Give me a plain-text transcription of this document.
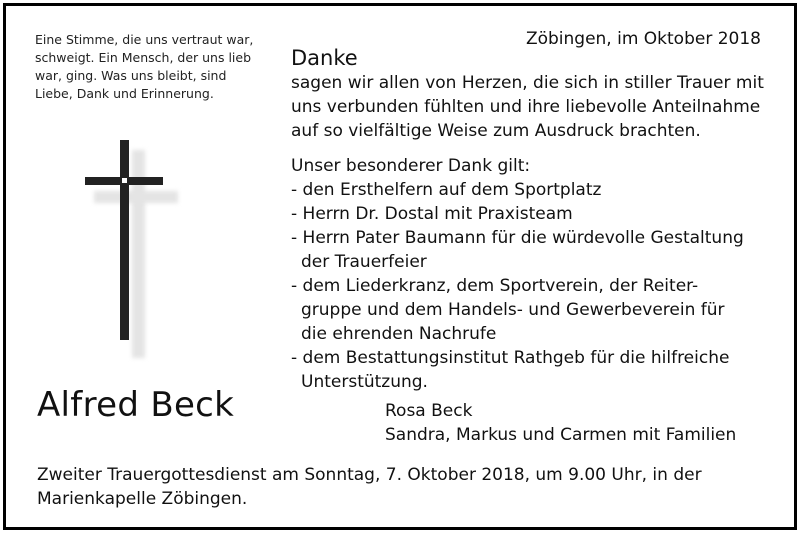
Eine Stimme, die uns vertraut war,
schweigt. Ein Mensch, der uns lieb
war, ging. Was uns bleibt, sind
Liebe, Dank und Erinnerung.
Alfred Beck
Zöbingen, im Oktober 2018
Danke
sagen wir allen von Herzen, die sich in stiller Trauer mit
uns verbunden fühlten und ihre liebevolle Anteilnahme
auf so vielfältige Weise zum Ausdruck brachten.
Unser besonderer Dank gilt:
- den Ersthelfern auf dem Sportplatz
- Herrn Dr. Dostal mit Praxisteam
- Herrn Pater Baumann für die würdevolle Gestaltung
der Trauerfeier
- dem Liederkranz, dem Sportverein, der Reiter-
gruppe und dem Handels- und Gewerbeverein für
die ehrenden Nachrufe
- dem Bestattungsinstitut Rathgeb für die hilfreiche
Unterstützung.
Rosa Beck
Sandra, Markus und Carmen mit Familien
Zweiter Trauergottesdienst am Sonntag, 7. Oktober 2018, um 9.00 Uhr, in der
Marienkapelle Zöbingen.
